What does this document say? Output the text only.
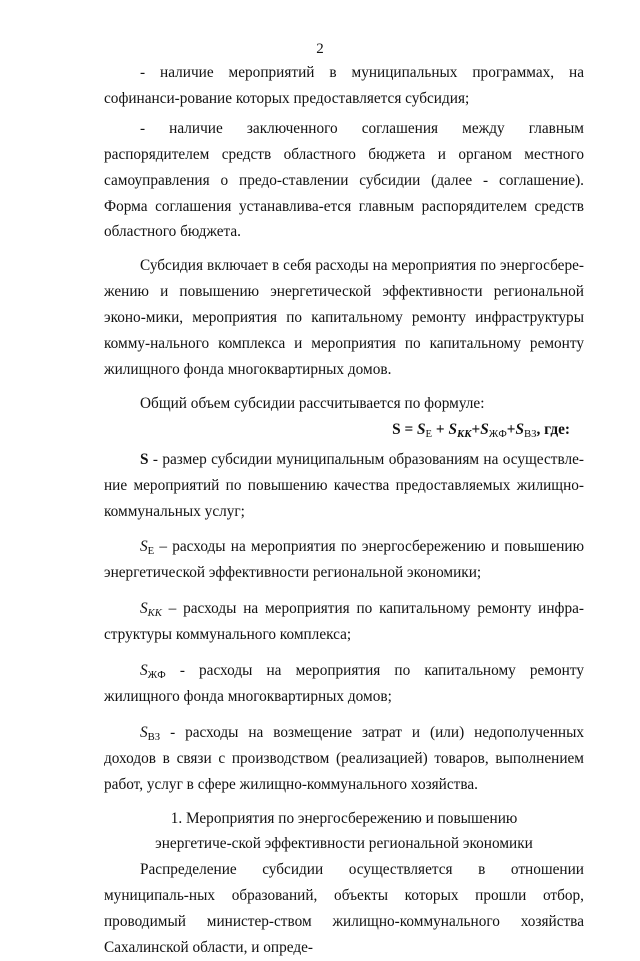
2

- наличие мероприятий в муниципальных программах, на софинанси-рование которых предоставляется субсидия;

- наличие заключенного соглашения между главным распорядителем средств областного бюджета и органом местного самоуправления о предо-ставлении субсидии (далее - соглашение). Форма соглашения устанавлива-ется главным распорядителем средств областного бюджета.

Субсидия включает в себя расходы на мероприятия по энергосбере-жению и повышению энергетической эффективности региональной эконо-мики, мероприятия по капитальному ремонту инфраструктуры комму-нального комплекса и мероприятия по капитальному ремонту жилищного фонда многоквартирных домов.

Общий объем субсидии рассчитывается по формуле:

$S = S_Е + S_{КК}+S_{ЖФ}+S_{ВЗ}$, где:

S - размер субсидии муниципальным образованиям на осуществле-ние мероприятий по повышению качества предоставляемых жилищно-коммунальных услуг;

$S_Е$ – расходы на мероприятия по энергосбережению и повышению энергетической эффективности региональной экономики;

$S_{КК}$ – расходы на мероприятия по капитальному ремонту инфра-структуры коммунального комплекса;

$S_{ЖФ}$ - расходы на мероприятия по капитальному ремонту жилищного фонда многоквартирных домов;

$S_{ВЗ}$ - расходы на возмещение затрат и (или) недополученных доходов в связи с производством (реализацией) товаров, выполнением работ, услуг в сфере жилищно-коммунального хозяйства.

1. Мероприятия по энергосбережению и повышению энергетиче-ской эффективности региональной экономики

Распределение субсидии осуществляется в отношении муниципаль-ных образований, объекты которых прошли отбор, проводимый министер-ством жилищно-коммунального хозяйства Сахалинской области, и опреде-
